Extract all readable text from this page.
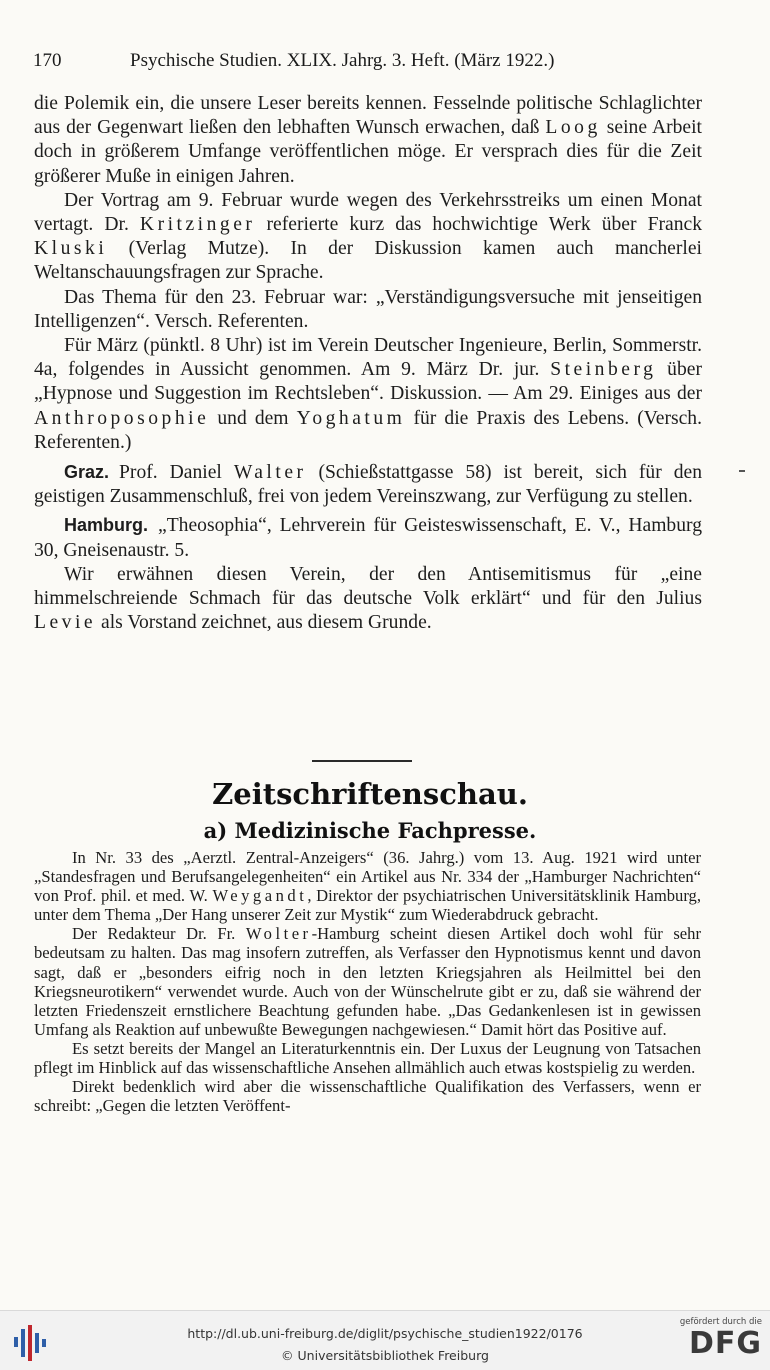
170	Psychische Studien. XLIX. Jahrg. 3. Heft. (März 1922.)

die Polemik ein, die unsere Leser bereits kennen. Fesselnde politische Schlaglichter aus der Gegenwart ließen den lebhaften Wunsch erwachen, daß Loog seine Arbeit doch in größerem Umfange veröffentlichen möge. Er versprach dies für die Zeit größerer Muße in einigen Jahren.

Der Vortrag am 9. Februar wurde wegen des Verkehrsstreiks um einen Monat vertagt. Dr. Kritzinger referierte kurz das hochwichtige Werk über Franck Kluski (Verlag Mutze). In der Diskussion kamen auch mancherlei Weltanschauungsfragen zur Sprache.

Das Thema für den 23. Februar war: „Verständigungsversuche mit jenseitigen Intelligenzen“. Versch. Referenten.

Für März (pünktl. 8 Uhr) ist im Verein Deutscher Ingenieure, Berlin, Sommerstr. 4a, folgendes in Aussicht genommen. Am 9. März Dr. jur. Steinberg über „Hypnose und Suggestion im Rechtsleben“. Diskussion. — Am 29. Einiges aus der Anthroposophie und dem Yoghatum für die Praxis des Lebens. (Versch. Referenten.)

Graz. Prof. Daniel Walter (Schießstattgasse 58) ist bereit, sich für den geistigen Zusammenschluß, frei von jedem Vereinszwang, zur Verfügung zu stellen.

Hamburg. „Theosophia“, Lehrverein für Geisteswissenschaft, E. V., Hamburg 30, Gneisenaustr. 5.

Wir erwähnen diesen Verein, der den Antisemitismus für „eine himmelschreiende Schmach für das deutsche Volk erklärt“ und für den Julius Levie als Vorstand zeichnet, aus diesem Grunde.

Zeitschriftenschau.
a) Medizinische Fachpresse.

In Nr. 33 des „Aerztl. Zentral-Anzeigers“ (36. Jahrg.) vom 13. Aug. 1921 wird unter „Standesfragen und Berufsangelegenheiten“ ein Artikel aus Nr. 334 der „Hamburger Nachrichten“ von Prof. phil. et med. W. Weygandt, Direktor der psychiatrischen Universitätsklinik Hamburg, unter dem Thema „Der Hang unserer Zeit zur Mystik“ zum Wiederabdruck gebracht.

Der Redakteur Dr. Fr. Wolter-Hamburg scheint diesen Artikel doch wohl für sehr bedeutsam zu halten. Das mag insofern zutreffen, als Verfasser den Hypnotismus kennt und davon sagt, daß er „besonders eifrig noch in den letzten Kriegsjahren als Heilmittel bei den Kriegsneurotikern“ verwendet wurde. Auch von der Wünschelrute gibt er zu, daß sie während der letzten Friedenszeit ernstlichere Beachtung gefunden habe. „Das Gedankenlesen ist in gewissen Umfang als Reaktion auf unbewußte Bewegungen nachgewiesen.“ Damit hört das Positive auf.

Es setzt bereits der Mangel an Literaturkenntnis ein. Der Luxus der Leugnung von Tatsachen pflegt im Hinblick auf das wissenschaftliche Ansehen allmählich auch etwas kostspielig zu werden.

Direkt bedenklich wird aber die wissenschaftliche Qualifikation des Verfassers, wenn er schreibt: „Gegen die letzten Veröffent-

http://dl.ub.uni-freiburg.de/diglit/psychische_studien1922/0176
© Universitätsbibliothek Freiburg
gefördert durch die
DFG
